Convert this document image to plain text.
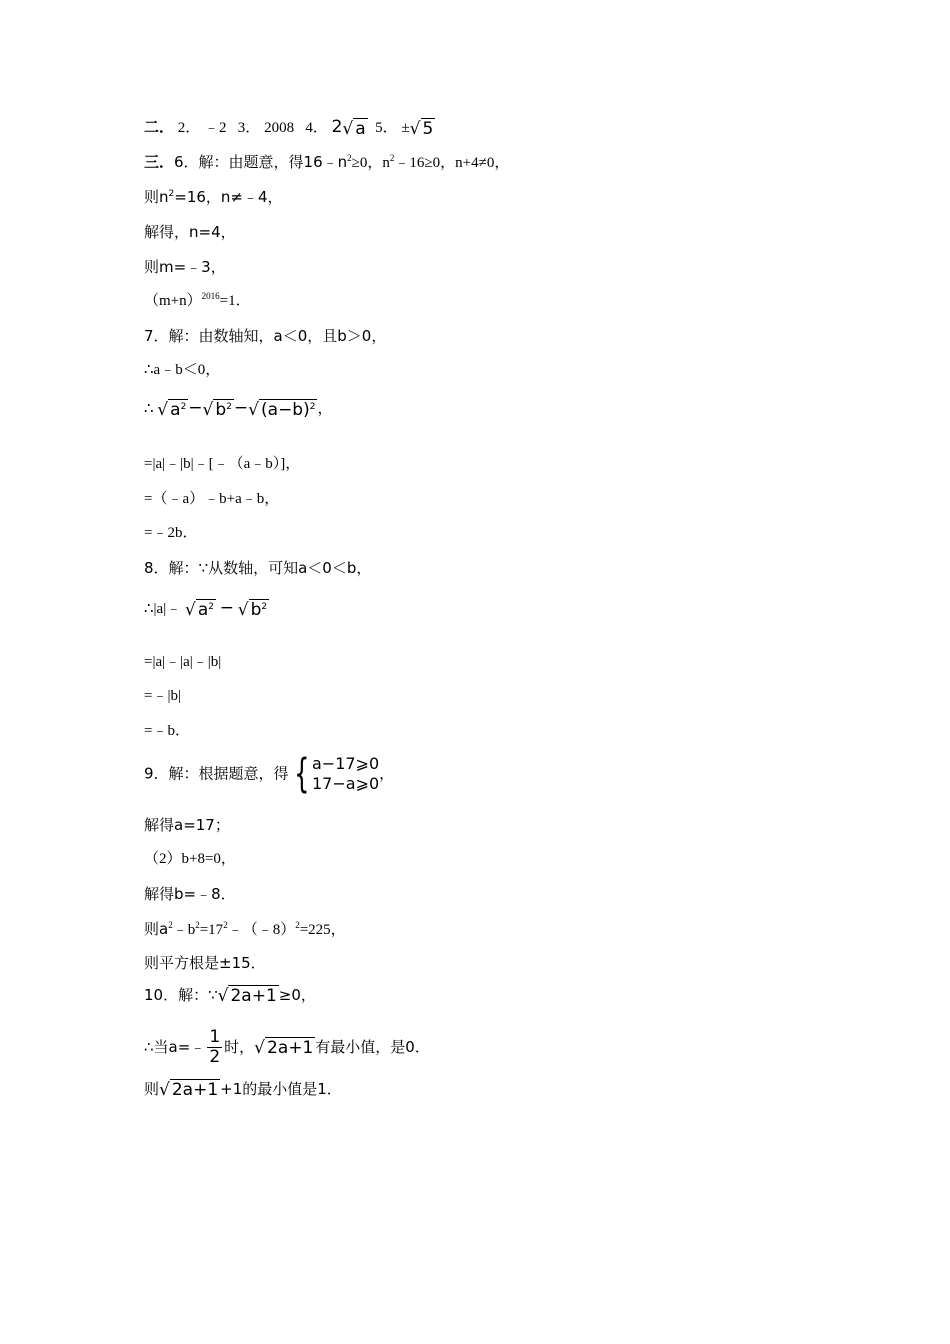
二． 2． ﹣2 3． 2008 4． 2√ a 5． ±√ 5
三．6．解：由题意，得$16﹣n^2\ge 0$，$n^2﹣16\ge 0$，n+4≠0，
则$n^2=16$，n≠﹣4，
解得，n=4，
则m=﹣3，
$(m+n)^{2016}=1$．
7．解：由数轴知，a＜0，且b＞0，
∴a﹣b＜0，
∴ √ $a^2$ −√ $b^2$ −√ $(a-b)^2$ ，
=|a|﹣|b|﹣[﹣（a﹣b）]，
=（﹣a）﹣b+a﹣b，
=﹣2b．
8．解：∵从数轴，可知a＜0＜b，
∴|a|﹣ √ $a^2$ − √ $b^2$
=|a|﹣|a|﹣|b|
=﹣|b|
=﹣b．
9．解：根据题意，得 { a−17⩾0
17−a⩾0
，
解得a=17；
（2）b+8=0，
解得b=﹣8．
则$a^2﹣b^2=17^2﹣(﹣8)^2=225$，
则平方根是±15．
10．解：∵√ 2a+1 ≥0，
∴当a=﹣ $\frac{1}{2}$ 时，√ 2a+1 有最小值，是0．
则√ 2a+1 +1的最小值是1．
